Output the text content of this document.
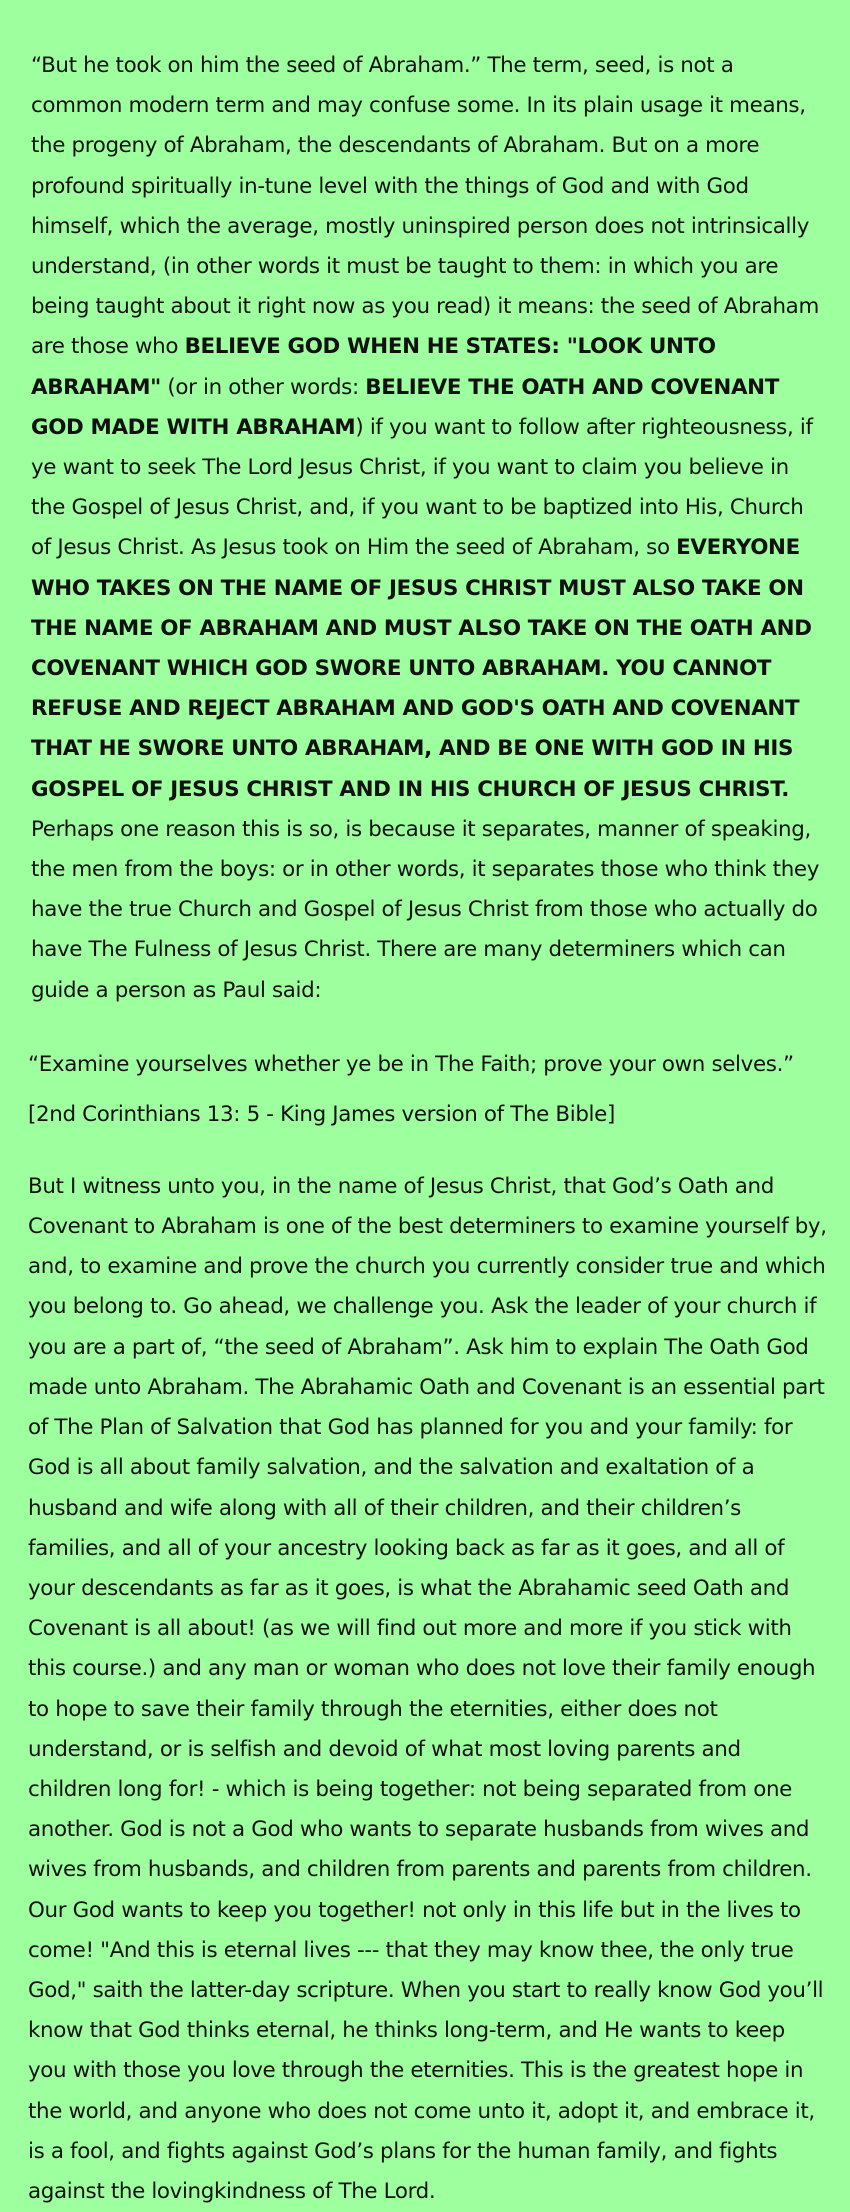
“But he took on him the seed of Abraham.” The term, seed, is not a common modern term and may confuse some. In its plain usage it means, the progeny of Abraham, the descendants of Abraham. But on a more profound spiritually in-tune level with the things of God and with God himself, which the average, mostly uninspired person does not intrinsically understand, (in other words it must be taught to them: in which you are being taught about it right now as you read) it means: the seed of Abraham are those who BELIEVE GOD WHEN HE STATES: "LOOK UNTO ABRAHAM" (or in other words: BELIEVE THE OATH AND COVENANT GOD MADE WITH ABRAHAM) if you want to follow after righteousness, if ye want to seek The Lord Jesus Christ, if you want to claim you believe in the Gospel of Jesus Christ, and, if you want to be baptized into His, Church of Jesus Christ. As Jesus took on Him the seed of Abraham, so EVERYONE WHO TAKES ON THE NAME OF JESUS CHRIST MUST ALSO TAKE ON THE NAME OF ABRAHAM AND MUST ALSO TAKE ON THE OATH AND COVENANT WHICH GOD SWORE UNTO ABRAHAM. YOU CANNOT REFUSE AND REJECT ABRAHAM AND GOD'S OATH AND COVENANT THAT HE SWORE UNTO ABRAHAM, AND BE ONE WITH GOD IN HIS GOSPEL OF JESUS CHRIST AND IN HIS CHURCH OF JESUS CHRIST. Perhaps one reason this is so, is because it separates, manner of speaking, the men from the boys: or in other words, it separates those who think they have the true Church and Gospel of Jesus Christ from those who actually do have The Fulness of Jesus Christ. There are many determiners which can guide a person as Paul said:

“Examine yourselves whether ye be in The Faith; prove your own selves.”

[2nd Corinthians 13: 5 - King James version of The Bible]

But I witness unto you, in the name of Jesus Christ, that God’s Oath and Covenant to Abraham is one of the best determiners to examine yourself by, and, to examine and prove the church you currently consider true and which you belong to. Go ahead, we challenge you. Ask the leader of your church if you are a part of, “the seed of Abraham”. Ask him to explain The Oath God made unto Abraham. The Abrahamic Oath and Covenant is an essential part of The Plan of Salvation that God has planned for you and your family: for God is all about family salvation, and the salvation and exaltation of a husband and wife along with all of their children, and their children’s families, and all of your ancestry looking back as far as it goes, and all of your descendants as far as it goes, is what the Abrahamic seed Oath and Covenant is all about! (as we will find out more and more if you stick with this course.) and any man or woman who does not love their family enough to hope to save their family through the eternities, either does not understand, or is selfish and devoid of what most loving parents and children long for! - which is being together: not being separated from one another. God is not a God who wants to separate husbands from wives and wives from husbands, and children from parents and parents from children. Our God wants to keep you together! not only in this life but in the lives to come! "And this is eternal lives --- that they may know thee, the only true God," saith the latter-day scripture. When you start to really know God you’ll know that God thinks eternal, he thinks long-term, and He wants to keep you with those you love through the eternities. This is the greatest hope in the world, and anyone who does not come unto it, adopt it, and embrace it, is a fool, and fights against God’s plans for the human family, and fights against the lovingkindness of The Lord.
